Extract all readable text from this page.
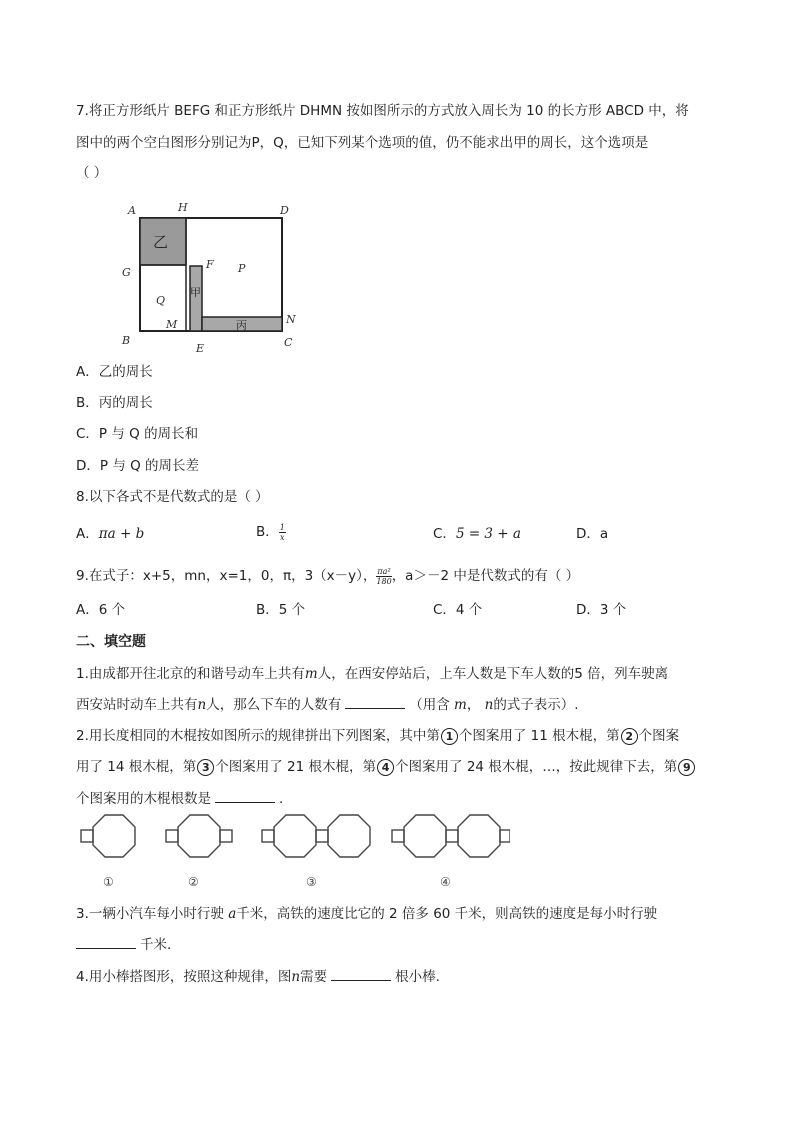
7.将正方形纸片 BEFG 和正方形纸片 DHMN 按如图所示的方式放入周长为 10 的长方形 ABCD 中，将
图中的两个空白图形分别记为P，Q，已知下列某个选项的值，仍不能求出甲的周长，这个选项是
（ ）
A	H	D
G
F P
Q
B
M
E	C
N
乙
甲
丙
A．乙的周长
B．丙的周长
C．P 与 Q 的周长和
D．P 与 Q 的周长差
8.以下各式不是代数式的是（ ）
A．πa + b	B． $\frac{1}{x}$	C．5 = 3 + a	D．a
9.在式子：x+5，mn，x=1，0，π，3（x－y）， $\frac{\text{πa²}}{180}$ ，a＞－2 中是代数式的有（ ）
A．6 个	B．5 个	C．4 个	D．3 个
二、填空题
1.由成都开往北京的和谐号动车上共有m人，在西安停站后，上车人数是下车人数的5 倍，列车驶离
西安站时动车上共有n人，那么下车的人数有	（用含 m， n的式子表示）.
2.用长度相同的木棍按如图所示的规律拼出下列图案，其中第 1 个图案用了 11 根木棍，第 2 个图案
用了 14 根木棍，第 3 个图案用了 21 根木棍，第 4 个图案用了 24 根木棍，…，按此规律下去，第 9
个图案用的木棍根数是	.
①	②	③	④
3.一辆小汽车每小时行驶 a千米，高铁的速度比它的 2 倍多 60 千米，则高铁的速度是每小时行驶
千米.
4.用小棒搭图形，按照这种规律，图n需要	根小棒.
